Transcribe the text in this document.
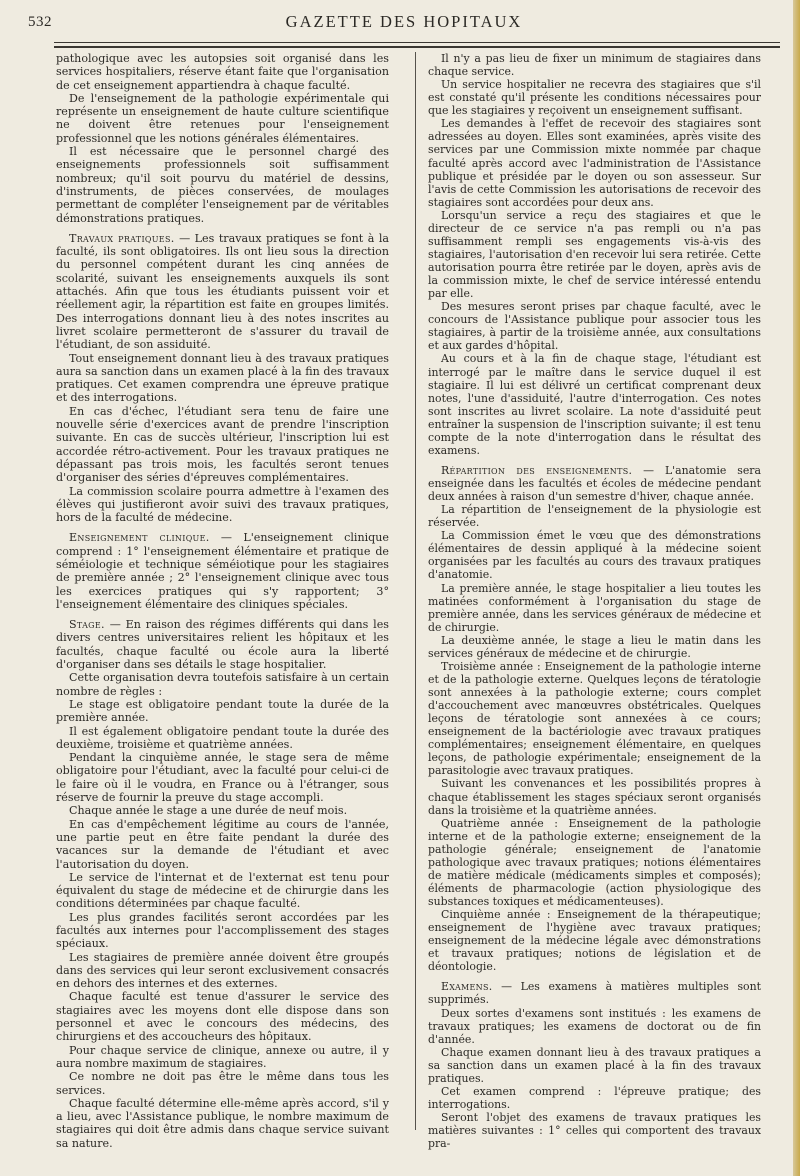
532	GAZETTE DES HOPITAUX

pathologique avec les autopsies soit organisé dans les services hospitaliers, réserve étant faite que l'organisation de cet enseignement appartiendra à chaque faculté.

De l'enseignement de la pathologie expérimentale qui représente un enseignement de haute culture scientifique ne doivent être retenues pour l'enseignement professionnel que les notions générales élémentaires.

Il est nécessaire que le personnel chargé des enseignements professionnels soit suffisamment nombreux; qu'il soit pourvu du matériel de dessins, d'instruments, de pièces conservées, de moulages permettant de compléter l'enseignement par de véritables démonstrations pratiques.

Travaux pratiques. — Les travaux pratiques se font à la faculté, ils sont obligatoires. Ils ont lieu sous la direction du personnel compétent durant les cinq années de scolarité, suivant les enseignements auxquels ils sont attachés. Afin que tous les étudiants puissent voir et réellement agir, la répartition est faite en groupes limités. Des interrogations donnant lieu à des notes inscrites au livret scolaire permetteront de s'assurer du travail de l'étudiant, de son assiduité.

Tout enseignement donnant lieu à des travaux pratiques aura sa sanction dans un examen placé à la fin des travaux pratiques. Cet examen comprendra une épreuve pratique et des interrogations.

En cas d'échec, l'étudiant sera tenu de faire une nouvelle série d'exercices avant de prendre l'inscription suivante. En cas de succès ultérieur, l'inscription lui est accordée rétro-activement. Pour les travaux pratiques ne dépassant pas trois mois, les facultés seront tenues d'organiser des séries d'épreuves complémentaires.

La commission scolaire pourra admettre à l'examen des élèves qui justifieront avoir suivi des travaux pratiques, hors de la faculté de médecine.

Enseignement clinique. — L'enseignement clinique comprend : 1° l'enseignement élémentaire et pratique de séméiologie et technique séméiotique pour les stagiaires de première année ; 2° l'enseignement clinique avec tous les exercices pratiques qui s'y rapportent; 3° l'enseignement élémentaire des cliniques spéciales.

Stage. — En raison des régimes différents qui dans les divers centres universitaires relient les hôpitaux et les facultés, chaque faculté ou école aura la liberté d'organiser dans ses détails le stage hospitalier.

Cette organisation devra toutefois satisfaire à un certain nombre de règles :

Le stage est obligatoire pendant toute la durée de la première année.

Il est également obligatoire pendant toute la durée des deuxième, troisième et quatrième années.

Pendant la cinquième année, le stage sera de même obligatoire pour l'étudiant, avec la faculté pour celui-ci de le faire où il le voudra, en France ou à l'étranger, sous réserve de fournir la preuve du stage accompli.

Chaque année le stage a une durée de neuf mois.

En cas d'empêchement légitime au cours de l'année, une partie peut en être faite pendant la durée des vacances sur la demande de l'étudiant et avec l'autorisation du doyen.

Le service de l'internat et de l'externat est tenu pour équivalent du stage de médecine et de chirurgie dans les conditions déterminées par chaque faculté.

Les plus grandes facilités seront accordées par les facultés aux internes pour l'accomplissement des stages spéciaux.

Les stagiaires de première année doivent être groupés dans des services qui leur seront exclusivement consacrés en dehors des internes et des externes.

Chaque faculté est tenue d'assurer le service des stagiaires avec les moyens dont elle dispose dans son personnel et avec le concours des médecins, des chirurgiens et des accoucheurs des hôpitaux.

Pour chaque service de clinique, annexe ou autre, il y aura nombre maximum de stagiaires.

Ce nombre ne doit pas être le même dans tous les services.

Chaque faculté détermine elle-même après accord, s'il y a lieu, avec l'Assistance publique, le nombre maximum de stagiaires qui doit être admis dans chaque service suivant sa nature.

Il n'y a pas lieu de fixer un minimum de stagiaires dans chaque service.

Un service hospitalier ne recevra des stagiaires que s'il est constaté qu'il présente les conditions nécessaires pour que les stagiaires y reçoivent un enseignement suffisant.

Les demandes à l'effet de recevoir des stagiaires sont adressées au doyen. Elles sont examinées, après visite des services par une Commission mixte nommée par chaque faculté après accord avec l'administration de l'Assistance publique et présidée par le doyen ou son assesseur. Sur l'avis de cette Commission les autorisations de recevoir des stagiaires sont accordées pour deux ans.

Lorsqu'un service a reçu des stagiaires et que le directeur de ce service n'a pas rempli ou n'a pas suffisamment rempli ses engagements vis-à-vis des stagiaires, l'autorisation d'en recevoir lui sera retirée. Cette autorisation pourra être retirée par le doyen, après avis de la commission mixte, le chef de service intéressé entendu par elle.

Des mesures seront prises par chaque faculté, avec le concours de l'Assistance publique pour associer tous les stagiaires, à partir de la troisième année, aux consultations et aux gardes d'hôpital.

Au cours et à la fin de chaque stage, l'étudiant est interrogé par le maître dans le service duquel il est stagiaire. Il lui est délivré un certificat comprenant deux notes, l'une d'assiduité, l'autre d'interrogation. Ces notes sont inscrites au livret scolaire. La note d'assiduité peut entraîner la suspension de l'inscription suivante; il est tenu compte de la note d'interrogation dans le résultat des examens.

Répartition des enseignements. — L'anatomie sera enseignée dans les facultés et écoles de médecine pendant deux années à raison d'un semestre d'hiver, chaque année.

La répartition de l'enseignement de la physiologie est réservée.

La Commission émet le vœu que des démonstrations élémentaires de dessin appliqué à la médecine soient organisées par les facultés au cours des travaux pratiques d'anatomie.

La première année, le stage hospitalier a lieu toutes les matinées conformément à l'organisation du stage de première année, dans les services généraux de médecine et de chirurgie.

La deuxième année, le stage a lieu le matin dans les services généraux de médecine et de chirurgie.

Troisième année : Enseignement de la pathologie interne et de la pathologie externe. Quelques leçons de tératologie sont annexées à la pathologie externe; cours complet d'accouchement avec manœuvres obstétricales. Quelques leçons de tératologie sont annexées à ce cours; enseignement de la bactériologie avec travaux pratiques complémentaires; enseignement élémentaire, en quelques leçons, de pathologie expérimentale; enseignement de la parasitologie avec travaux pratiques.

Suivant les convenances et les possibilités propres à chaque établissement les stages spéciaux seront organisés dans la troisième et la quatrième années.

Quatrième année : Enseignement de la pathologie interne et de la pathologie externe; enseignement de la pathologie générale; enseignement de l'anatomie pathologique avec travaux pratiques; notions élémentaires de matière médicale (médicaments simples et composés); éléments de pharmacologie (action physiologique des substances toxiques et médicamenteuses).

Cinquième année : Enseignement de la thérapeutique; enseignement de l'hygiène avec travaux pratiques; enseignement de la médecine légale avec démonstrations et travaux pratiques; notions de législation et de déontologie.

Examens. — Les examens à matières multiples sont supprimés.

Deux sortes d'examens sont institués : les examens de travaux pratiques; les examens de doctorat ou de fin d'année.

Chaque examen donnant lieu à des travaux pratiques a sa sanction dans un examen placé à la fin des travaux pratiques.

Cet examen comprend : l'épreuve pratique; des interrogations.

Seront l'objet des examens de travaux pratiques les matières suivantes : 1° celles qui comportent des travaux pra-
